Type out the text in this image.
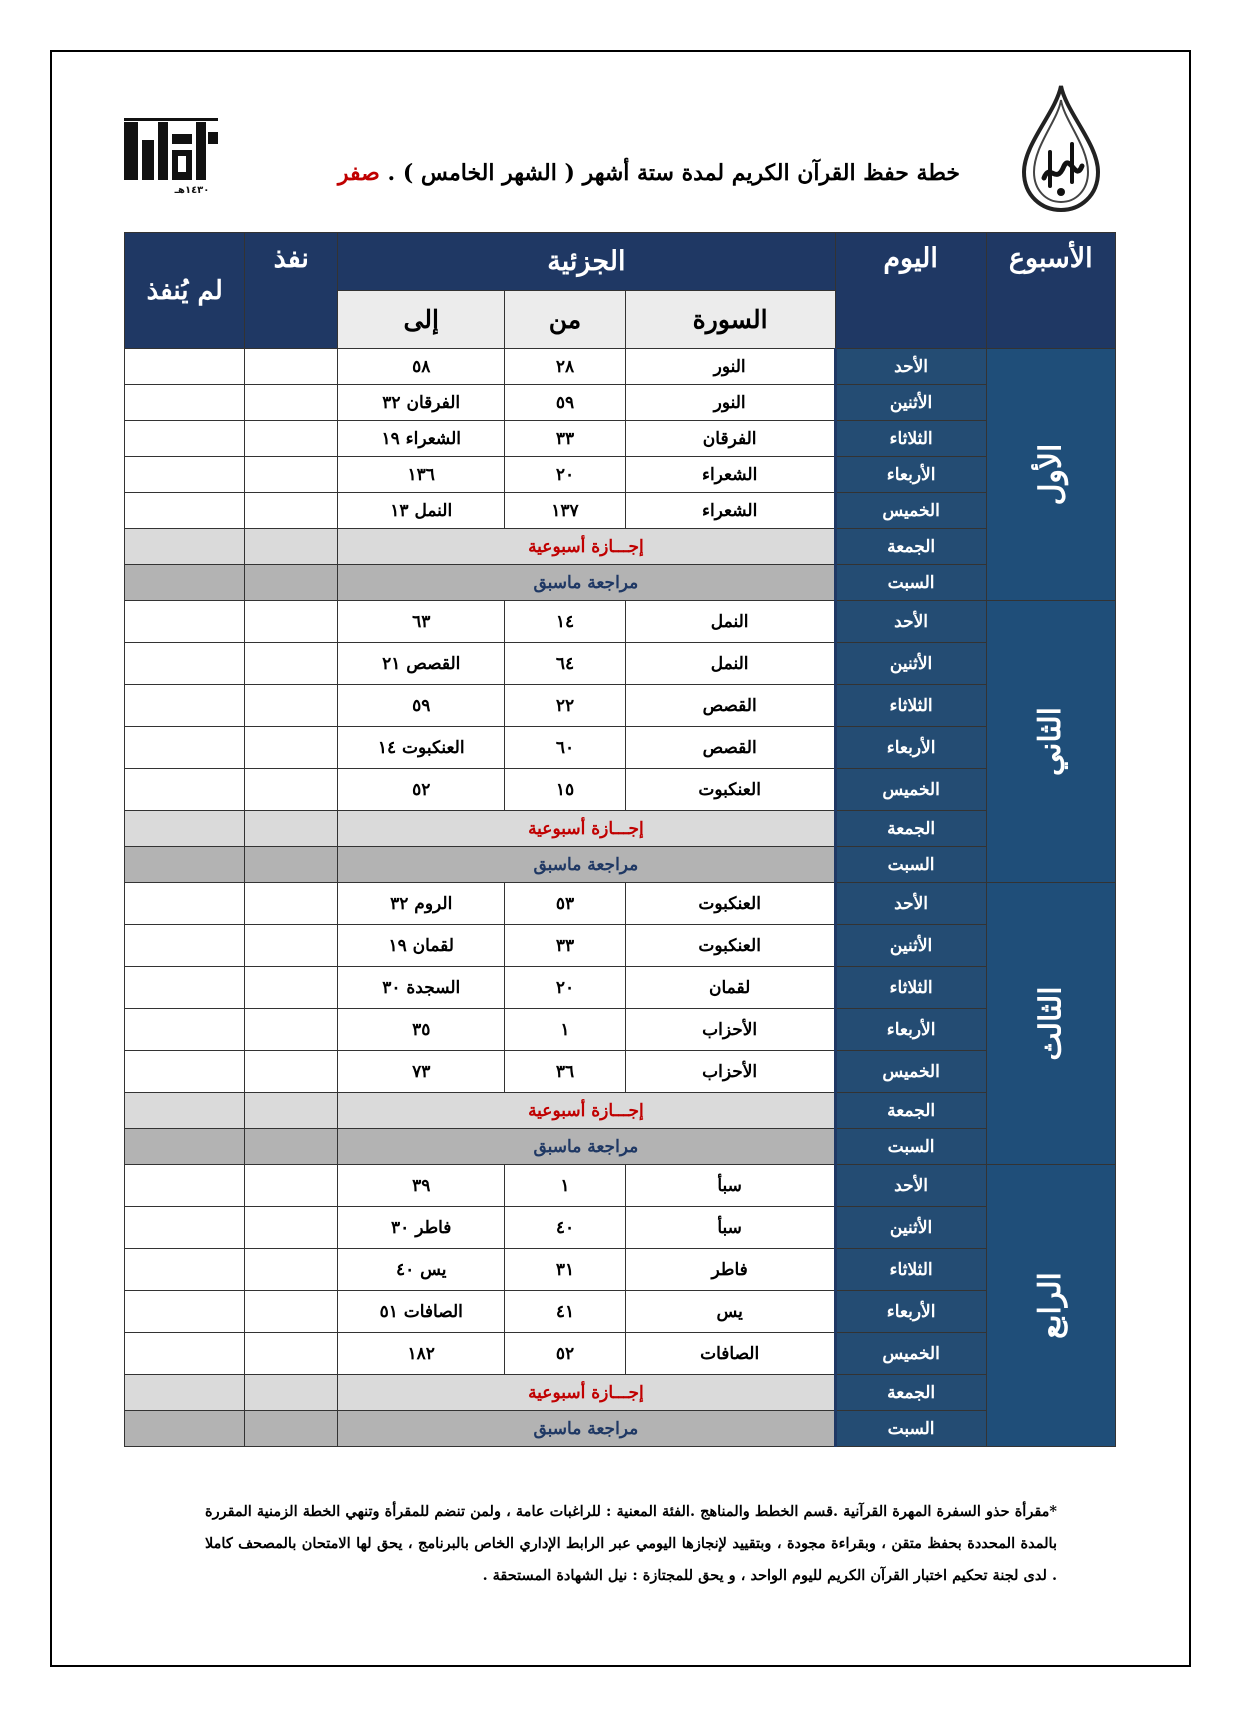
١٤٣٠هـ
خطة حفظ القرآن الكريم لمدة ستة أشهر ( الشهر الخامس ) . صفر
الأسبوع	اليوم	الجزئية			نفذ	لم يُنفذ
		السورة	من	إلى		
الأول	الأحد	النور	٢٨	٥٨		
	الأثنين	النور	٥٩	الفرقان ٣٢		
	الثلاثاء	الفرقان	٣٣	الشعراء ١٩		
	الأربعاء	الشعراء	٢٠	١٣٦		
	الخميس	الشعراء	١٣٧	النمل ١٣		
	الجمعة	إجـــازة أسبوعية				
	السبت	مراجعة ماسبق				
الثاني	الأحد	النمل	١٤	٦٣		
	الأثنين	النمل	٦٤	القصص ٢١		
	الثلاثاء	القصص	٢٢	٥٩		
	الأربعاء	القصص	٦٠	العنكبوت ١٤		
	الخميس	العنكبوت	١٥	٥٢		
	الجمعة	إجـــازة أسبوعية				
	السبت	مراجعة ماسبق				
الثالث	الأحد	العنكبوت	٥٣	الروم ٣٢		
	الأثنين	العنكبوت	٣٣	لقمان ١٩		
	الثلاثاء	لقمان	٢٠	السجدة ٣٠		
	الأربعاء	الأحزاب	١	٣٥		
	الخميس	الأحزاب	٣٦	٧٣		
	الجمعة	إجـــازة أسبوعية				
	السبت	مراجعة ماسبق				
الرابع	الأحد	سبأ	١	٣٩		
	الأثنين	سبأ	٤٠	فاطر ٣٠		
	الثلاثاء	فاطر	٣١	يس ٤٠		
	الأربعاء	يس	٤١	الصافات ٥١		
	الخميس	الصافات	٥٢	١٨٢		
	الجمعة	إجـــازة أسبوعية				
	السبت	مراجعة ماسبق				
*مقرأة حذو السفرة المهرة القرآنية .قسم الخطط والمناهج .الفئة المعنية : للراغبات عامة ، ولمن تنضم للمقرأة وتنهي الخطة الزمنية المقررة بالمدة المحددة بحفظ متقن ، وبقراءة مجودة ، وبتقييد لإنجازها اليومي عبر الرابط الإداري الخاص بالبرنامج ، يحق لها الامتحان بالمصحف كاملا . لدى لجنة تحكيم اختبار القرآن الكريم لليوم الواحد ، و يحق للمجتازة : نيل الشهادة المستحقة .
